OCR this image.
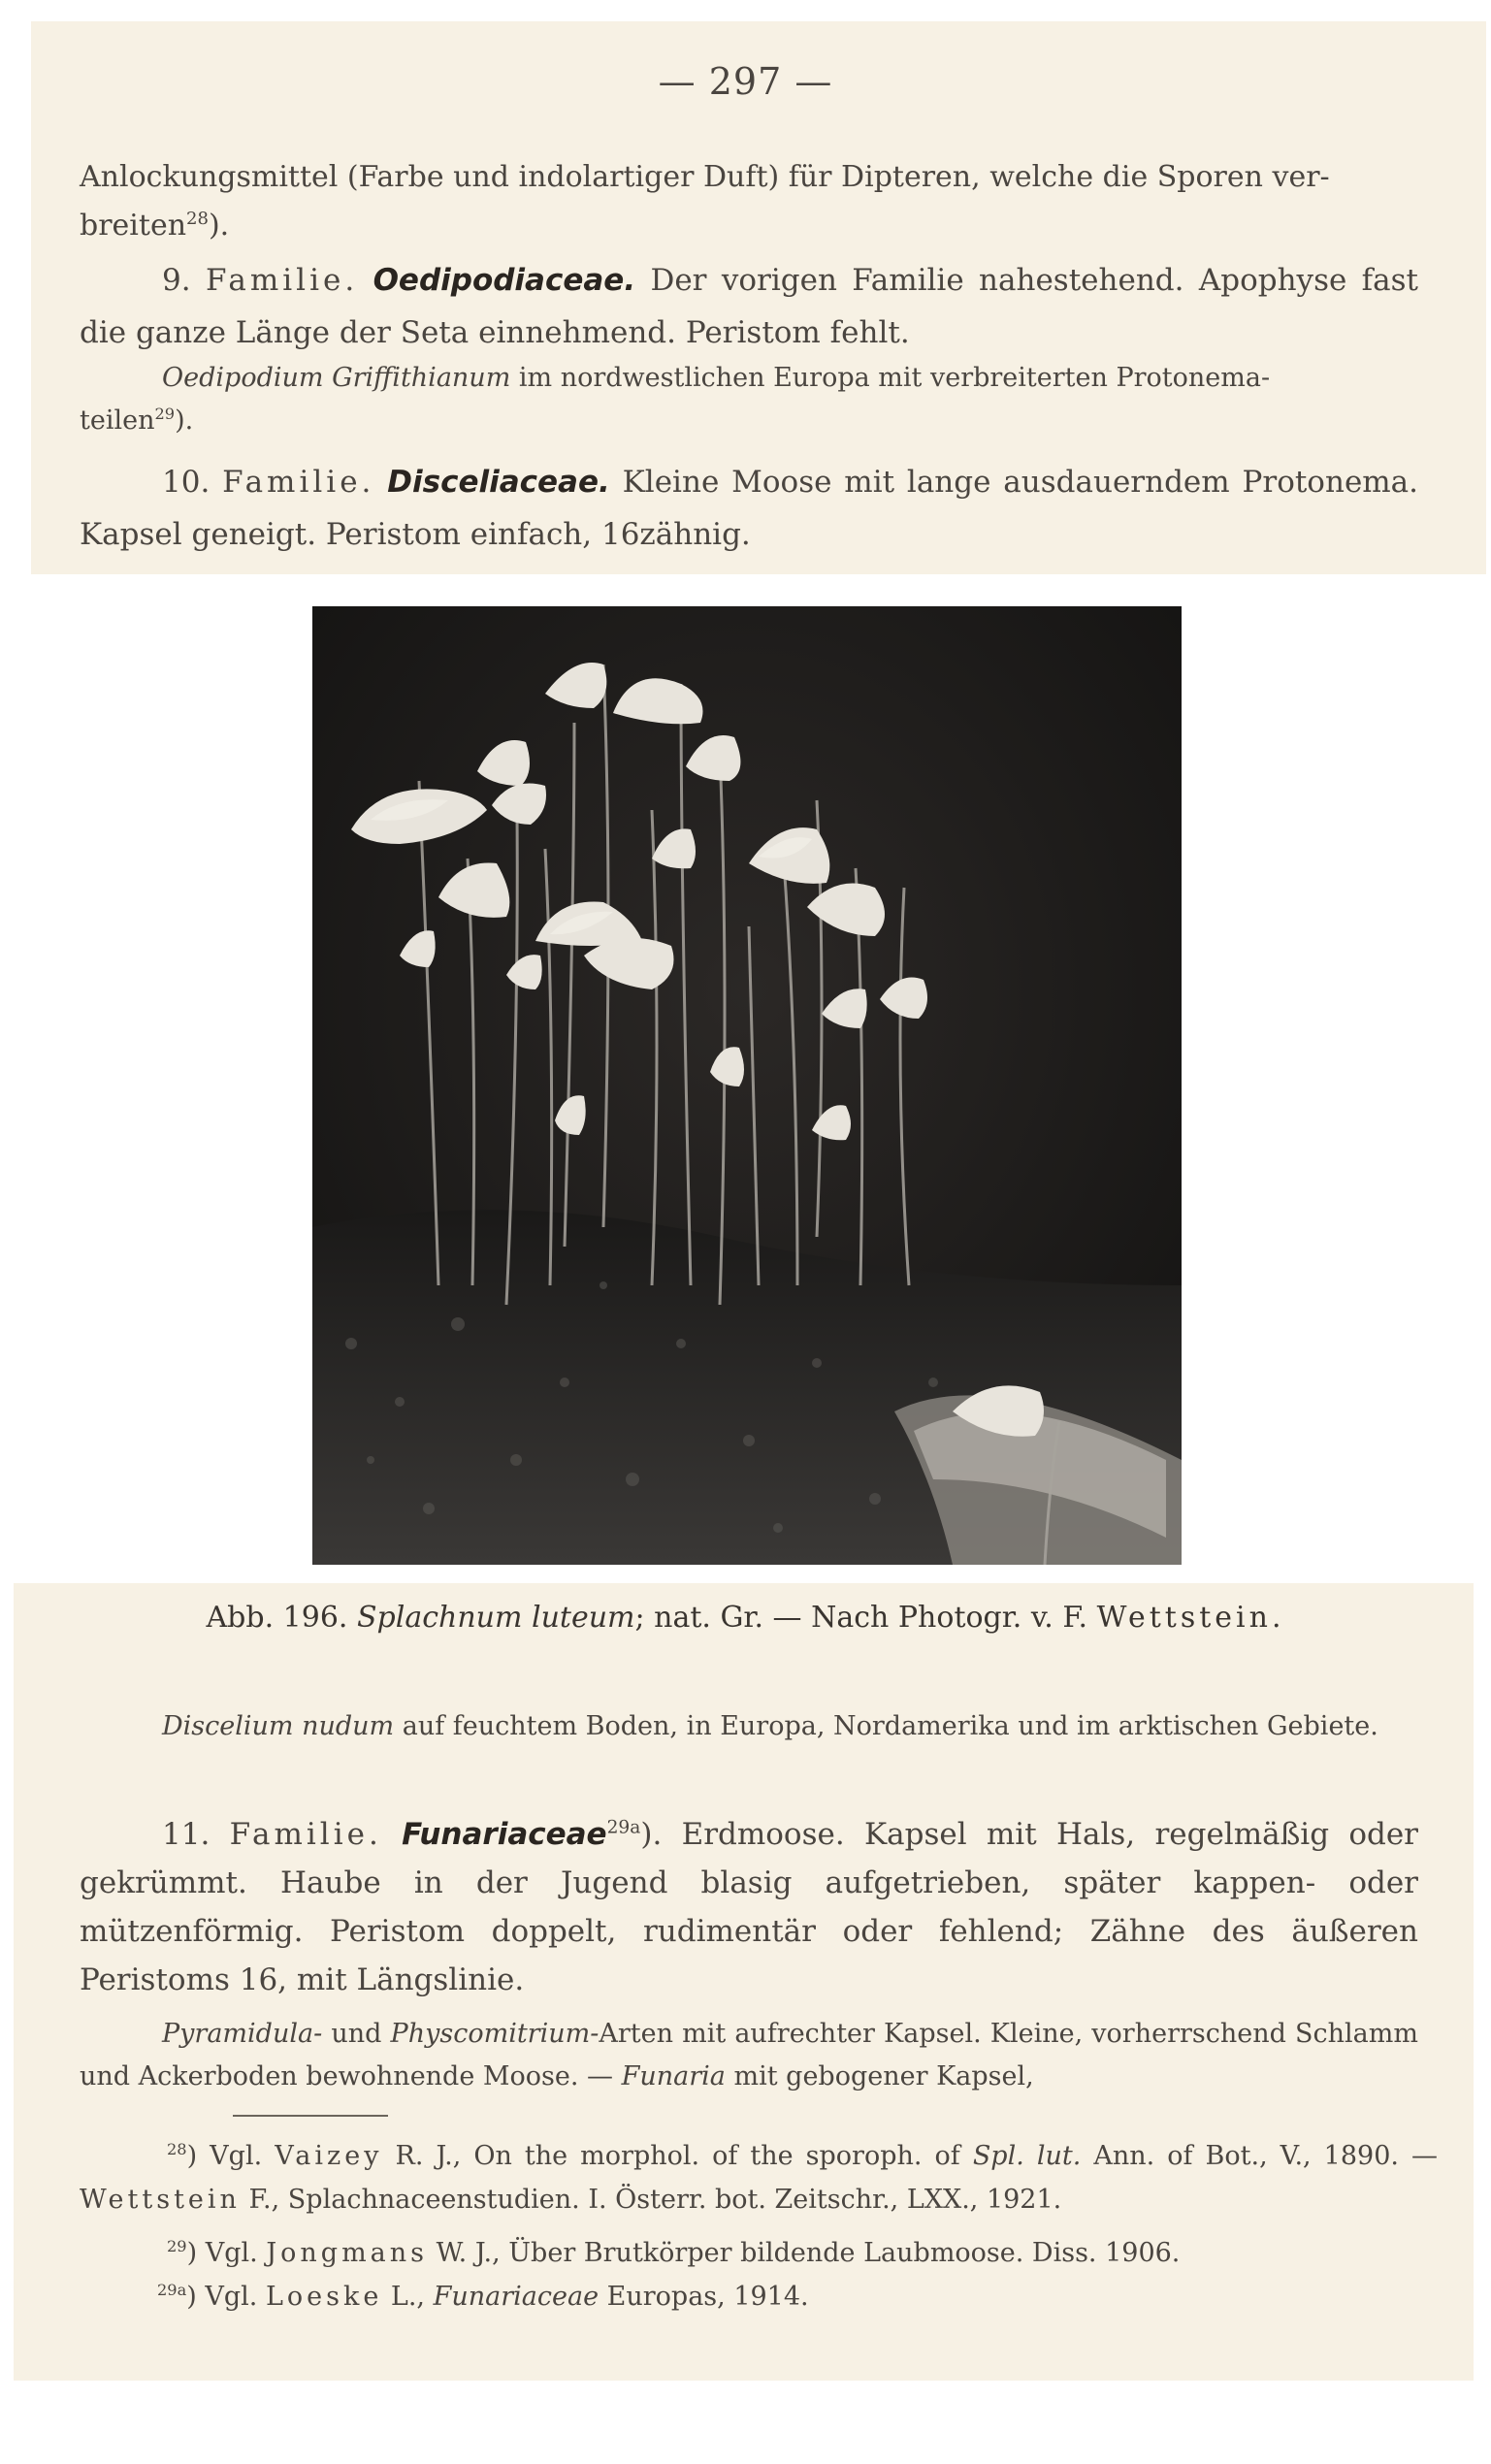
— 297 —
Anlockungsmittel (Farbe und indolartiger Duft) für Dipteren, welche die Sporen ver-
breiten$^{28}$).
9. Familie. Oedipodiaceae. Der vorigen Familie nahestehend. Apophyse fast die ganze Länge der Seta einnehmend. Peristom fehlt.
Oedipodium Griffithianum im nordwestlichen Europa mit verbreiterten Protonema-
teilen$^{29}$).
10. Familie. Disceliaceae. Kleine Moose mit lange ausdauerndem Protonema. Kapsel geneigt. Peristom einfach, 16zähnig.
Abb. 196. Splachnum luteum; nat. Gr. — Nach Photogr. v. F. Wettstein.
Discelium nudum auf feuchtem Boden, in Europa, Nordamerika und im arktischen Gebiete.
11. Familie. Funariaceae$^{29a}$). Erdmoose. Kapsel mit Hals, regelmäßig oder gekrümmt. Haube in der Jugend blasig aufgetrieben, später kappen- oder mützenförmig. Peristom doppelt, rudimentär oder fehlend; Zähne des äußeren Peristoms 16, mit Längslinie.
Pyramidula- und Physcomitrium-Arten mit aufrechter Kapsel. Kleine, vorherrschend Schlamm und Ackerboden bewohnende Moose. — Funaria mit gebogener Kapsel,
$^{28}$) Vgl. Vaizey R. J., On the morphol. of the sporoph. of Spl. lut. Ann. of Bot., V., 1890. — Wettstein F., Splachnaceenstudien. I. Österr. bot. Zeitschr., LXX., 1921.
$^{29}$) Vgl. Jongmans W. J., Über Brutkörper bildende Laubmoose. Diss. 1906.
$^{29a}$) Vgl. Loeske L., Funariaceae Europas, 1914.
